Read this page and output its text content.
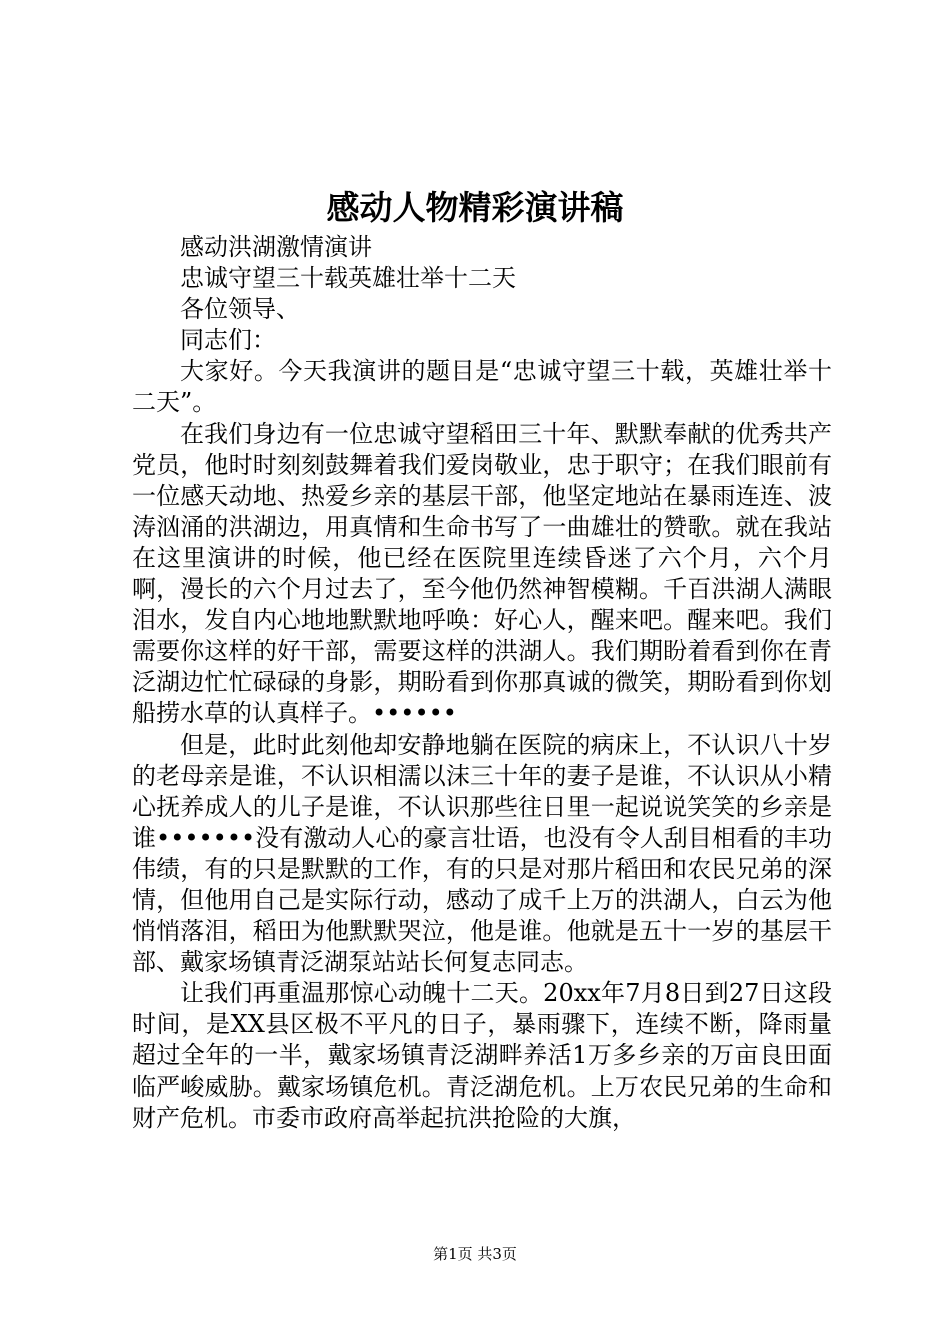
感动人物精彩演讲稿

感动洪湖激情演讲

忠诚守望三十载英雄壮举十二天

各位领导、

同志们：

大家好。今天我演讲的题目是“忠诚守望三十载，英雄壮举十二天”。

在我们身边有一位忠诚守望稻田三十年、默默奉献的优秀共产党员，他时时刻刻鼓舞着我们爱岗敬业，忠于职守；在我们眼前有一位感天动地、热爱乡亲的基层干部，他坚定地站在暴雨连连、波涛汹涌的洪湖边，用真情和生命书写了一曲雄壮的赞歌。就在我站在这里演讲的时候，他已经在医院里连续昏迷了六个月，六个月啊，漫长的六个月过去了，至今他仍然神智模糊。千百洪湖人满眼泪水，发自内心地地默默地呼唤：好心人，醒来吧。醒来吧。我们需要你这样的好干部，需要这样的洪湖人。我们期盼着看到你在青泛湖边忙忙碌碌的身影，期盼看到你那真诚的微笑，期盼看到你划船捞水草的认真样子。••••••

但是，此时此刻他却安静地躺在医院的病床上，不认识八十岁的老母亲是谁，不认识相濡以沫三十年的妻子是谁，不认识从小精心抚养成人的儿子是谁，不认识那些往日里一起说说笑笑的乡亲是谁•••••••没有激动人心的豪言壮语，也没有令人刮目相看的丰功伟绩，有的只是默默的工作，有的只是对那片稻田和农民兄弟的深情，但他用自己是实际行动，感动了成千上万的洪湖人，白云为他悄悄落泪，稻田为他默默哭泣，他是谁。他就是五十一岁的基层干部、戴家场镇青泛湖泵站站长何复志同志。

让我们再重温那惊心动魄十二天。20xx年7月8日到27日这段时间，是XX县区极不平凡的日子，暴雨骤下，连续不断，降雨量超过全年的一半，戴家场镇青泛湖畔养活1万多乡亲的万亩良田面临严峻威胁。戴家场镇危机。青泛湖危机。上万农民兄弟的生命和财产危机。市委市政府高举起抗洪抢险的大旗，

第1页 共3页
